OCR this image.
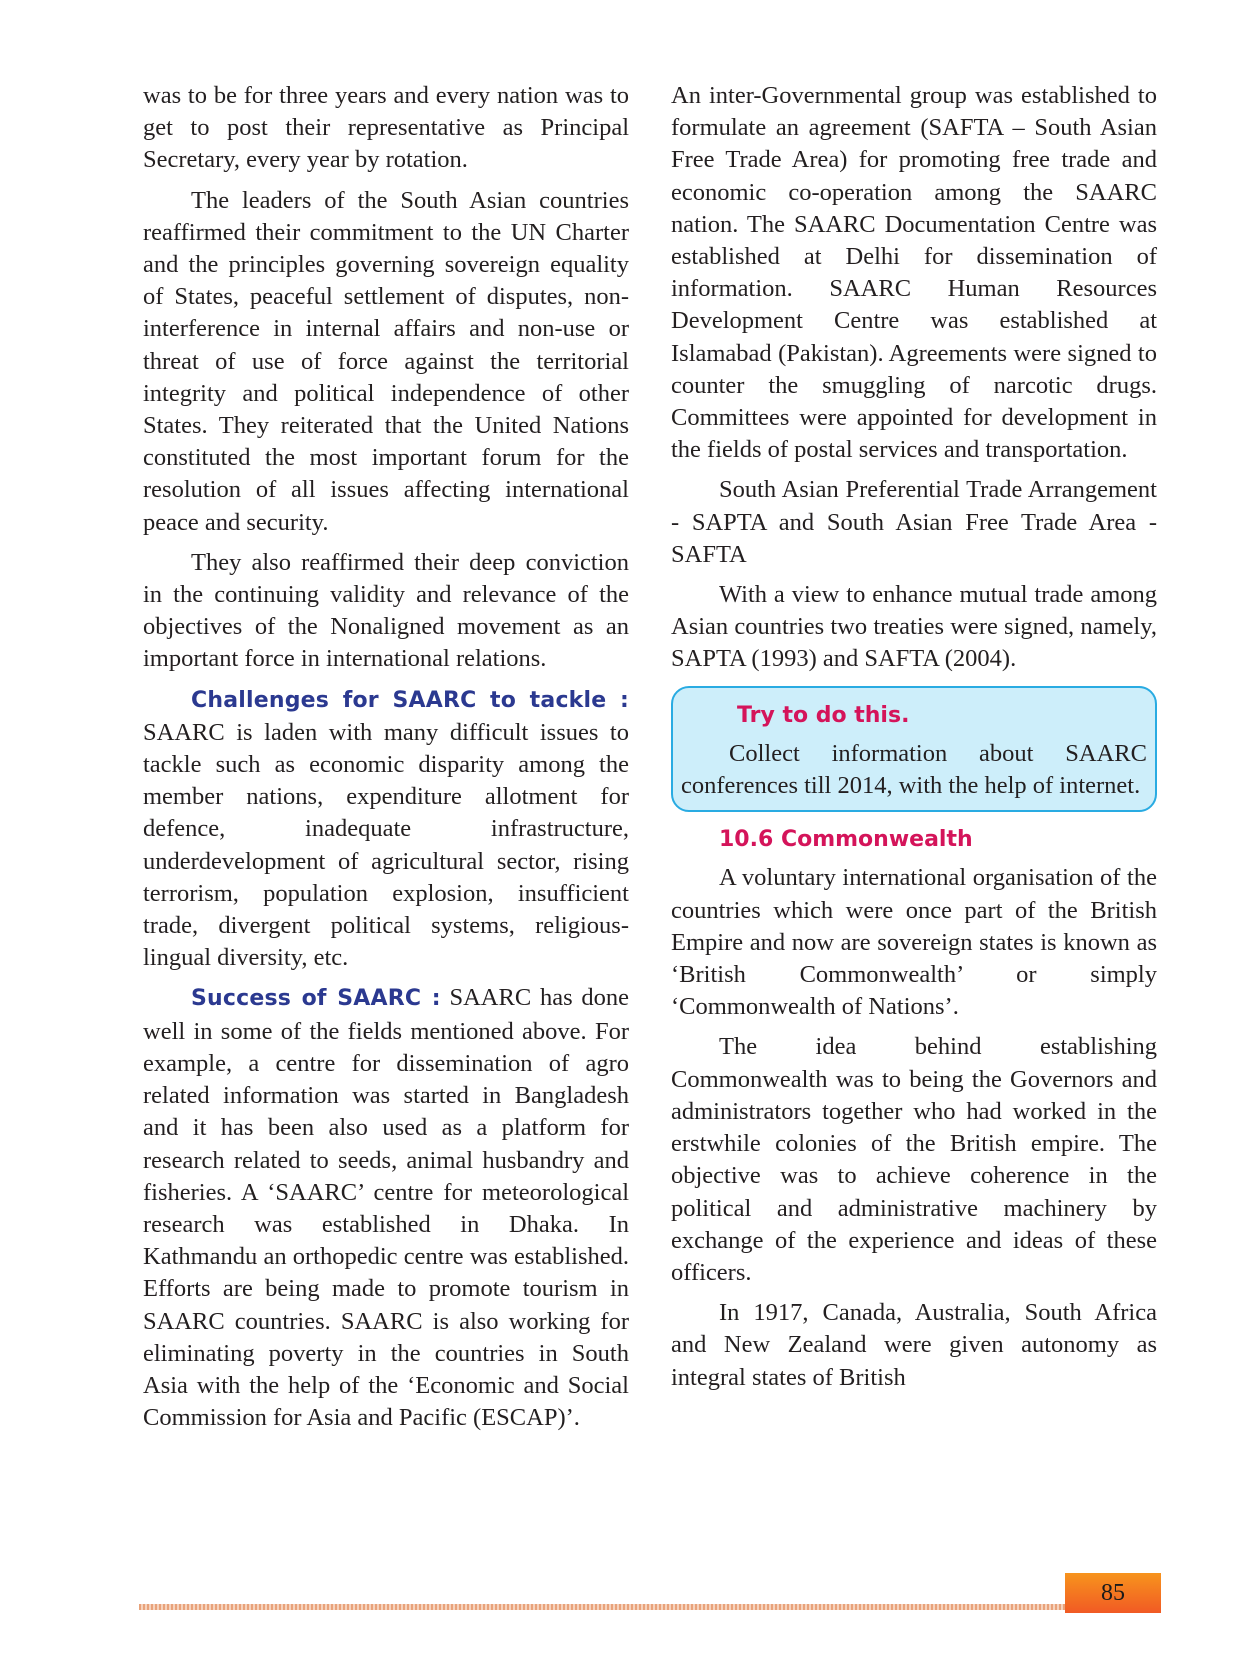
was to be for three years and every nation was to get to post their representative as Principal Secretary, every year by rotation.

The leaders of the South Asian countries reaffirmed their commitment to the UN Charter and the principles governing sovereign equality of States, peaceful settlement of disputes, non-interference in internal affairs and non-use or threat of use of force against the territorial integrity and political independence of other States. They reiterated that the United Nations constituted the most important forum for the resolution of all issues affecting international peace and security.

They also reaffirmed their deep conviction in the continuing validity and relevance of the objectives of the Nonaligned movement as an important force in international relations.

Challenges for SAARC to tackle : SAARC is laden with many difficult issues to tackle such as economic disparity among the member nations, expenditure allotment for defence, inadequate infrastructure, underdevelopment of agricultural sector, rising terrorism, population explosion, insufficient trade, divergent political systems, religious-lingual diversity, etc.

Success of SAARC : SAARC has done well in some of the fields mentioned above. For example, a centre for dissemination of agro related information was started in Bangladesh and it has been also used as a platform for research related to seeds, animal husbandry and fisheries. A ‘SAARC’ centre for meteorological research was established in Dhaka. In Kathmandu an orthopedic centre was established. Efforts are being made to promote tourism in SAARC countries. SAARC is also working for eliminating poverty in the countries in South Asia with the help of the ‘Economic and Social Commission for Asia and Pacific (ESCAP)’.

An inter-Governmental group was established to formulate an agreement (SAFTA – South Asian Free Trade Area) for promoting free trade and economic co-operation among the SAARC nation. The SAARC Documentation Centre was established at Delhi for dissemination of information. SAARC Human Resources Development Centre was established at Islamabad (Pakistan). Agreements were signed to counter the smuggling of narcotic drugs. Committees were appointed for development in the fields of postal services and transportation.

South Asian Preferential Trade Arrangement - SAPTA and South Asian Free Trade Area - SAFTA

With a view to enhance mutual trade among Asian countries two treaties were signed, namely, SAPTA (1993) and SAFTA (2004).

Try to do this.

Collect information about SAARC conferences till 2014, with the help of internet.

10.6 Commonwealth

A voluntary international organisation of the countries which were once part of the British Empire and now are sovereign states is known as ‘British Commonwealth’ or simply ‘Commonwealth of Nations’.

The idea behind establishing Commonwealth was to being the Governors and administrators together who had worked in the erstwhile colonies of the British empire. The objective was to achieve coherence in the political and administrative machinery by exchange of the experience and ideas of these officers.

In 1917, Canada, Australia, South Africa and New Zealand were given autonomy as integral states of British

85
